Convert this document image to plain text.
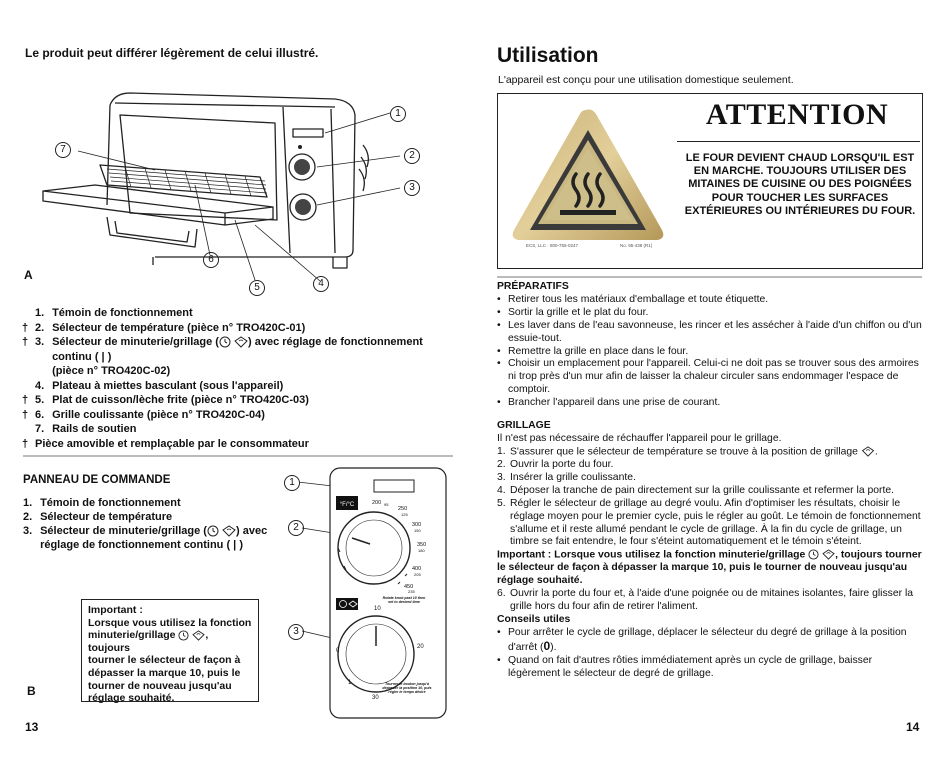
Le produit peut différer légèrement de celui illustré.
7
1
2
3
6
5	4
A
1.
Témoin de fonctionnement
† 2.
Sélecteur de température (pièce n° TRO420C-01)
† 3.
Sélecteur de minuterie/grillage (	) avec réglage de fonctionnement continu ( | )
(pièce n° TRO420C-02)
4.
Plateau à miettes basculant (sous l'appareil)
† 5.
Plat de cuisson/lèche frite (pièce n° TRO420C-03)
† 6.
Grille coulissante (pièce n° TRO420C-04)
7.
Rails de soutien
† Pièce amovible et remplaçable par le consommateur
PANNEAU DE COMMANDE
1.
Témoin de fonctionnement
2.
Sélecteur de température
3.
Sélecteur de minuterie/grillage (	) avec
réglage de fonctionnement continu ( | )
°F/°C	200 95
250
125
300
150
350
180
400
205
450
235
10
20
30
0
1
Rotate knob past 10 then set to desired time
Tourner le bouton jusqu'à dépasser la position 10, puis régler le temps désiré
1
2
3
Important :
Lorsque vous utilisez la fonction
minuterie/grillage	, toujours
tourner le sélecteur de façon à dépasser la marque 10, puis le tourner de nouveau jusqu'au réglage souhaité.
B
13
Utilisation
L'appareil est conçu pour une utilisation domestique seulement.
ECS, LLC · 800-755-0247	No. 95-438 (R1)
ATTENTION
LE FOUR DEVIENT CHAUD LORSQU'IL EST EN MARCHE. TOUJOURS UTILISER DES MITAINES DE CUISINE OU DES POIGNÉES POUR TOUCHER LES SURFACES EXTÉRIEURES OU INTÉRIEURES DU FOUR.
PRÉPARATIFS
• Retirer tous les matériaux d'emballage et toute étiquette.
• Sortir la grille et le plat du four.
• Les laver dans de l'eau savonneuse, les rincer et les assécher à l'aide d'un chiffon ou d'un essuie-tout.
• Remettre la grille en place dans le four.
• Choisir un emplacement pour l'appareil. Celui-ci ne doit pas se trouver sous des armoires ni trop près d'un mur afin de laisser la chaleur circuler sans endommager l'espace de comptoir.
• Brancher l'appareil dans une prise de courant.
GRILLAGE
Il n'est pas nécessaire de réchauffer l'appareil pour le grillage.
1. S'assurer que le sélecteur de température se trouve à la position de grillage .
2. Ouvrir la porte du four.
3. Insérer la grille coulissante.
4. Déposer la tranche de pain directement sur la grille coulissante et refermer la porte.
5. Régler le sélecteur de grillage au degré voulu. Afin d'optimiser les résultats, choisir le réglage moyen pour le premier cycle, puis le régler au goût. Le témoin de fonctionnement s'allume et il reste allumé pendant le cycle de grillage. À la fin du cycle de grillage, un timbre se fait entendre, le four s'éteint automatiquement et le témoin s'éteint.
Important : Lorsque vous utilisez la fonction minuterie/grillage	, toujours tourner le sélecteur de façon à dépasser la marque 10, puis le tourner de nouveau jusqu'au réglage souhaité.
6. Ouvrir la porte du four et, à l'aide d'une poignée ou de mitaines isolantes, faire glisser la grille hors du four afin de retirer l'aliment.
Conseils utiles
• Pour arrêter le cycle de grillage, déplacer le sélecteur du degré de grillage à la position d'arrêt (0).
• Quand on fait d'autres rôties immédiatement après un cycle de grillage, baisser légèrement le sélecteur de degré de grillage.
14
